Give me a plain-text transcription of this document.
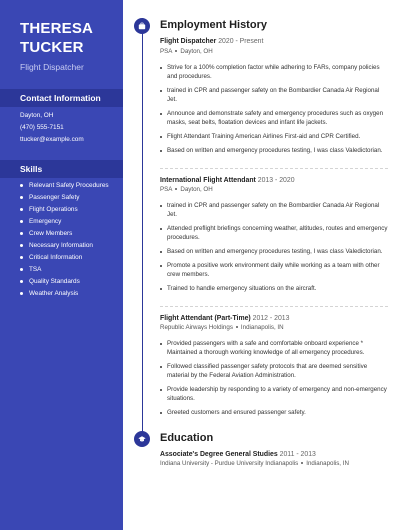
THERESA
TUCKER
Flight Dispatcher
Contact Information
Dayton, OH
(470) 555-7151
ttucker@example.com
Skills
Relevant Safety Procedures
Passenger Safety
Flight Operations
Emergency
Crew Members
Necessary Information
Critical Information
TSA
Quality Standards
Weather Analysis
Employment History
Flight Dispatcher 2020 - Present
PSA Dayton, OH
Strive for a 100% completion factor while adhering to FARs, company policies and procedures.
trained in CPR and passenger safety on the Bombardier Canada Air Regional Jet.
Announce and demonstrate safety and emergency procedures such as oxygen masks, seat belts, floatation devices and infant life jackets.
Flight Attendant Training American Airlines First-aid and CPR Certified.
Based on written and emergency procedures testing, I was class Valedictorian.
International Flight Attendant 2013 - 2020
PSA Dayton, OH
trained in CPR and passenger safety on the Bombardier Canada Air Regional Jet.
Attended preflight briefings concerning weather, altitudes, routes and emergency procedures.
Based on written and emergency procedures testing, I was class Valedictorian.
Promote a positive work environment daily while working as a team with other crew members.
Trained to handle emergency situations on the aircraft.
Flight Attendant (Part-Time) 2012 - 2013
Republic Airways Holdings Indianapolis, IN
Provided passengers with a safe and comfortable onboard experience * Maintained a thorough working knowledge of all emergency procedures.
Followed classified passenger safety protocols that are deemed sensitive material by the Federal Aviation Administration.
Provide leadership by responding to a variety of emergency and non-emergency situations.
Greeted customers and ensured passenger safety.
Education
Associate's Degree General Studies 2011 - 2013
Indiana University - Purdue University Indianapolis Indianapolis, IN
